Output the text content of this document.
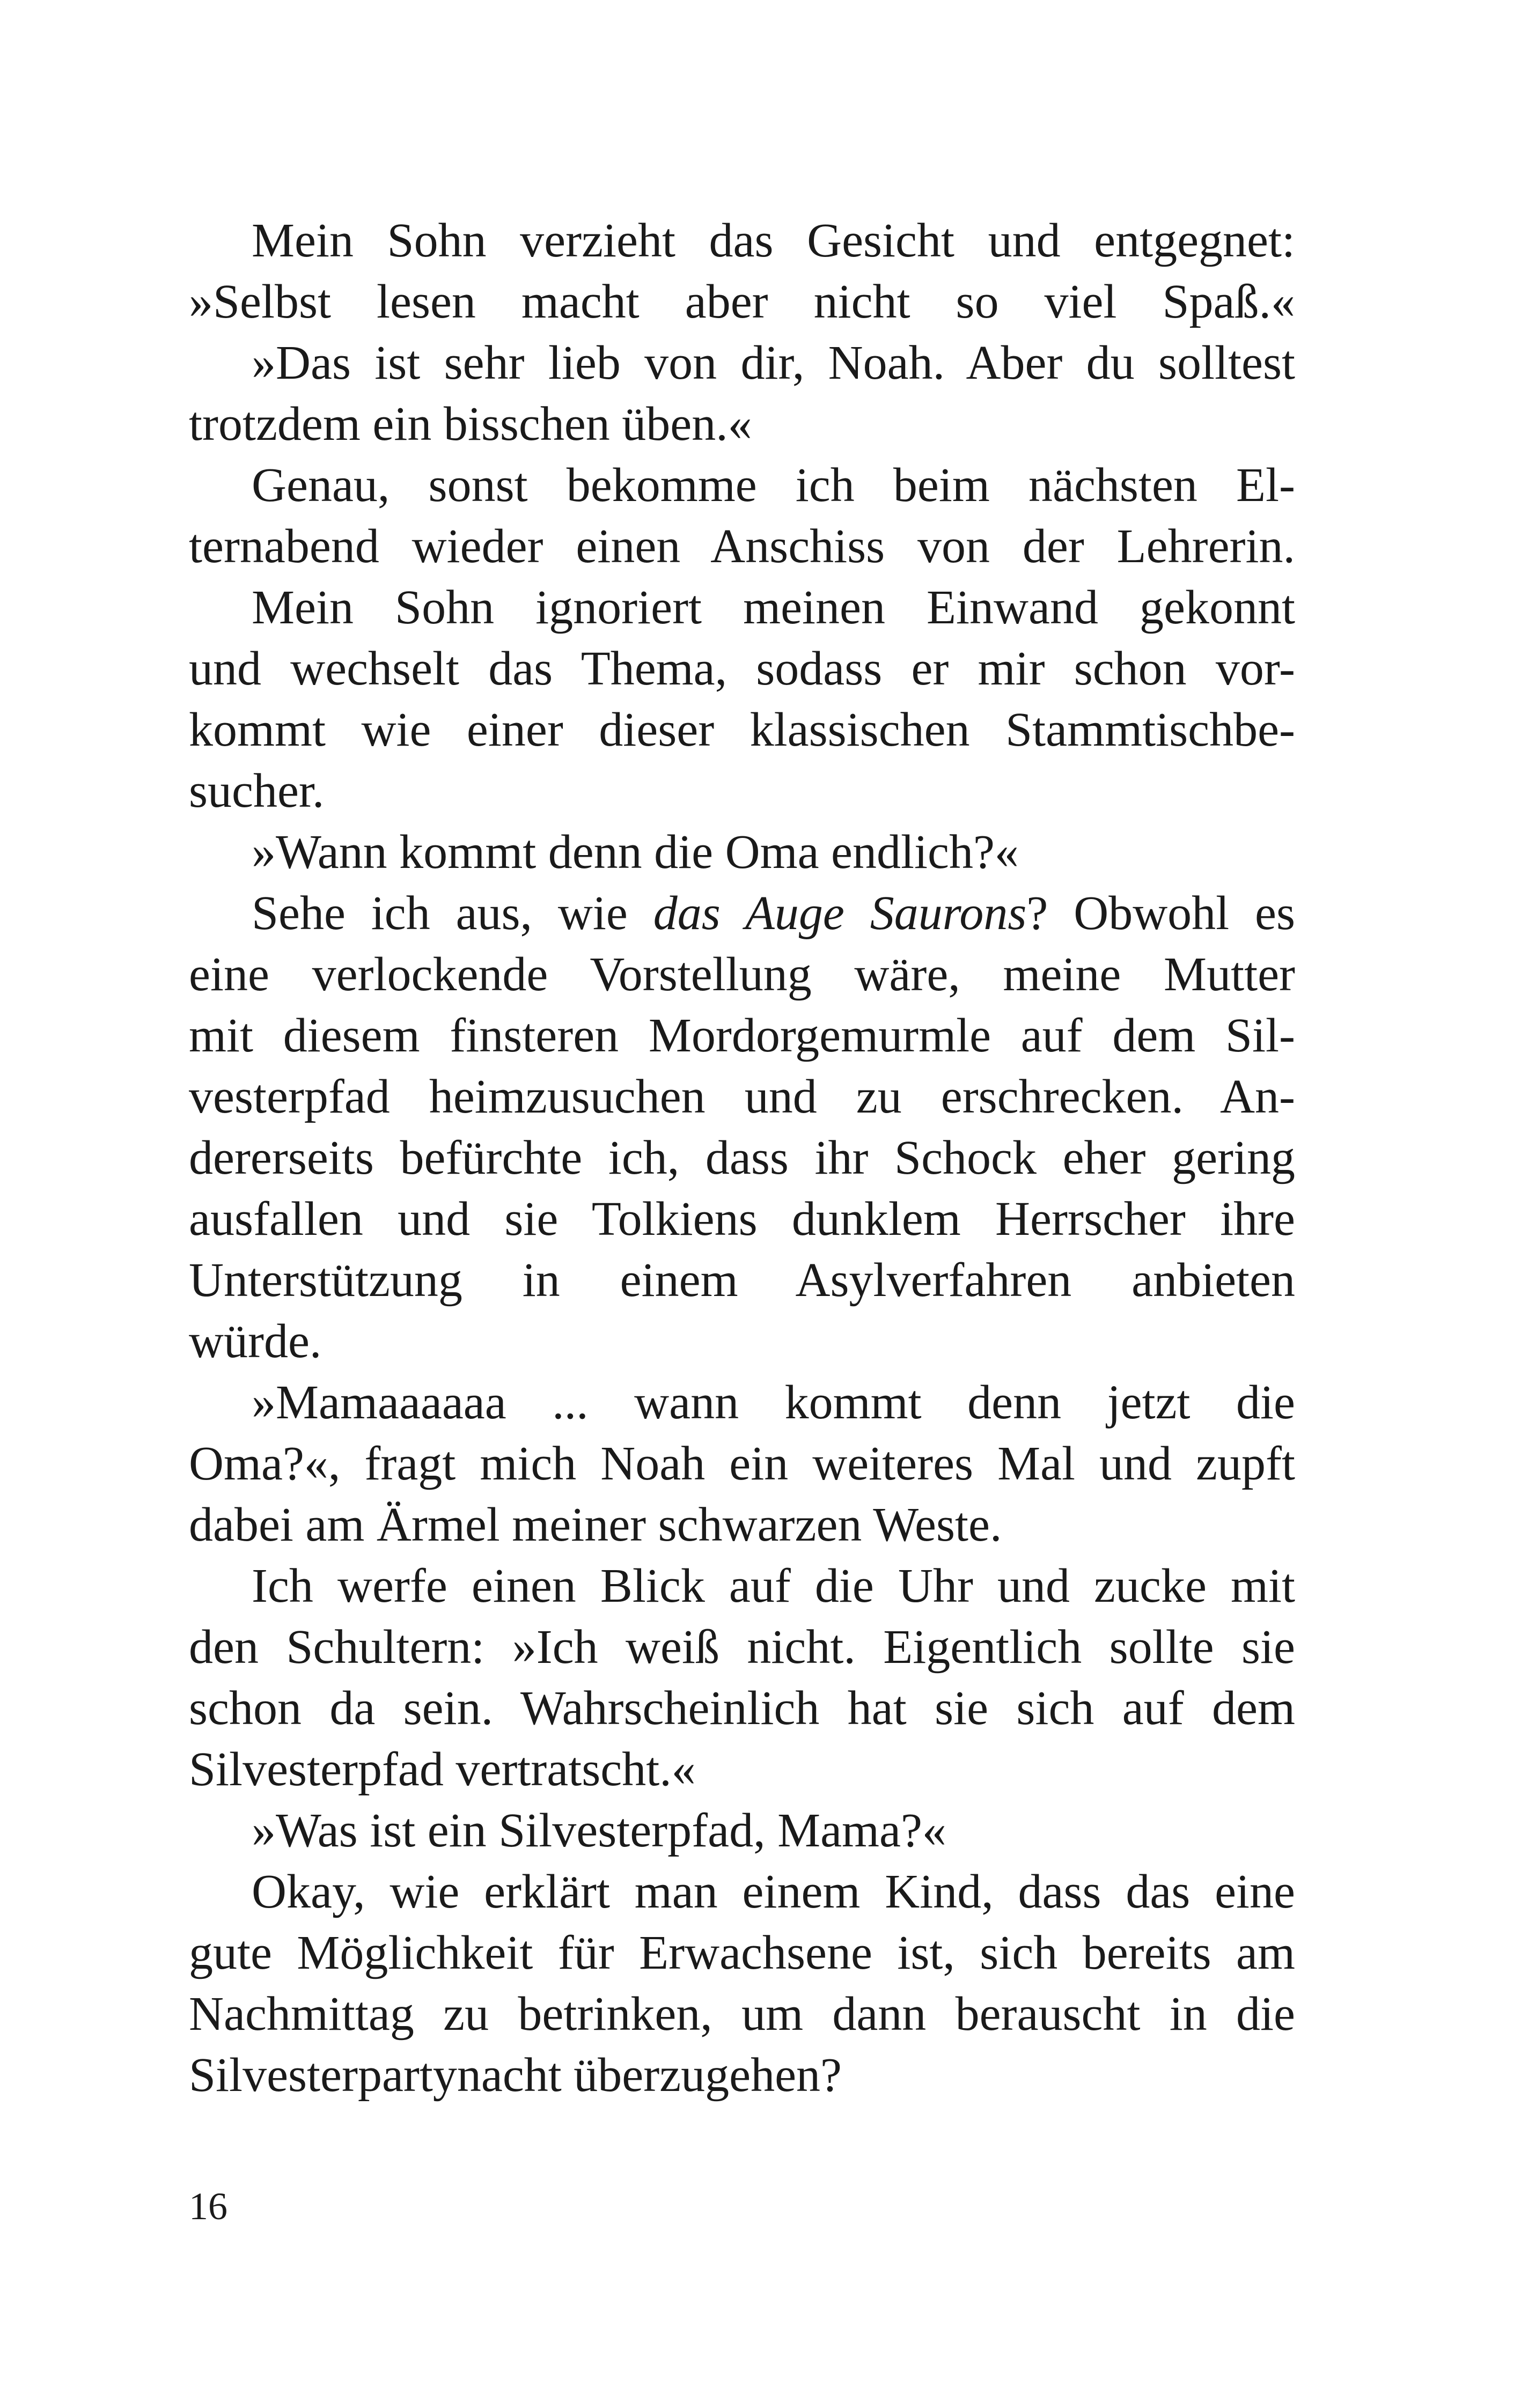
Mein Sohn verzieht das Gesicht und entgegnet:
»Selbst lesen macht aber nicht so viel Spaß.«
»Das ist sehr lieb von dir, Noah. Aber du solltest
trotzdem ein bisschen üben.«
Genau, sonst bekomme ich beim nächsten El-
ternabend wieder einen Anschiss von der Lehrerin.
Mein Sohn ignoriert meinen Einwand gekonnt
und wechselt das Thema, sodass er mir schon vor-
kommt wie einer dieser klassischen Stammtischbe-
sucher.
»Wann kommt denn die Oma endlich?«
Sehe ich aus, wie das Auge Saurons? Obwohl es
eine verlockende Vorstellung wäre, meine Mutter
mit diesem finsteren Mordorgemurmle auf dem Sil-
vesterpfad heimzusuchen und zu erschrecken. An-
dererseits befürchte ich, dass ihr Schock eher gering
ausfallen und sie Tolkiens dunklem Herrscher ihre
Unterstützung in einem Asylverfahren anbieten
würde.
»Mamaaaaaa ... wann kommt denn jetzt die
Oma?«, fragt mich Noah ein weiteres Mal und zupft
dabei am Ärmel meiner schwarzen Weste.
Ich werfe einen Blick auf die Uhr und zucke mit
den Schultern: »Ich weiß nicht. Eigentlich sollte sie
schon da sein. Wahrscheinlich hat sie sich auf dem
Silvesterpfad vertratscht.«
»Was ist ein Silvesterpfad, Mama?«
Okay, wie erklärt man einem Kind, dass das eine
gute Möglichkeit für Erwachsene ist, sich bereits am
Nachmittag zu betrinken, um dann berauscht in die
Silvesterpartynacht überzugehen?
16
